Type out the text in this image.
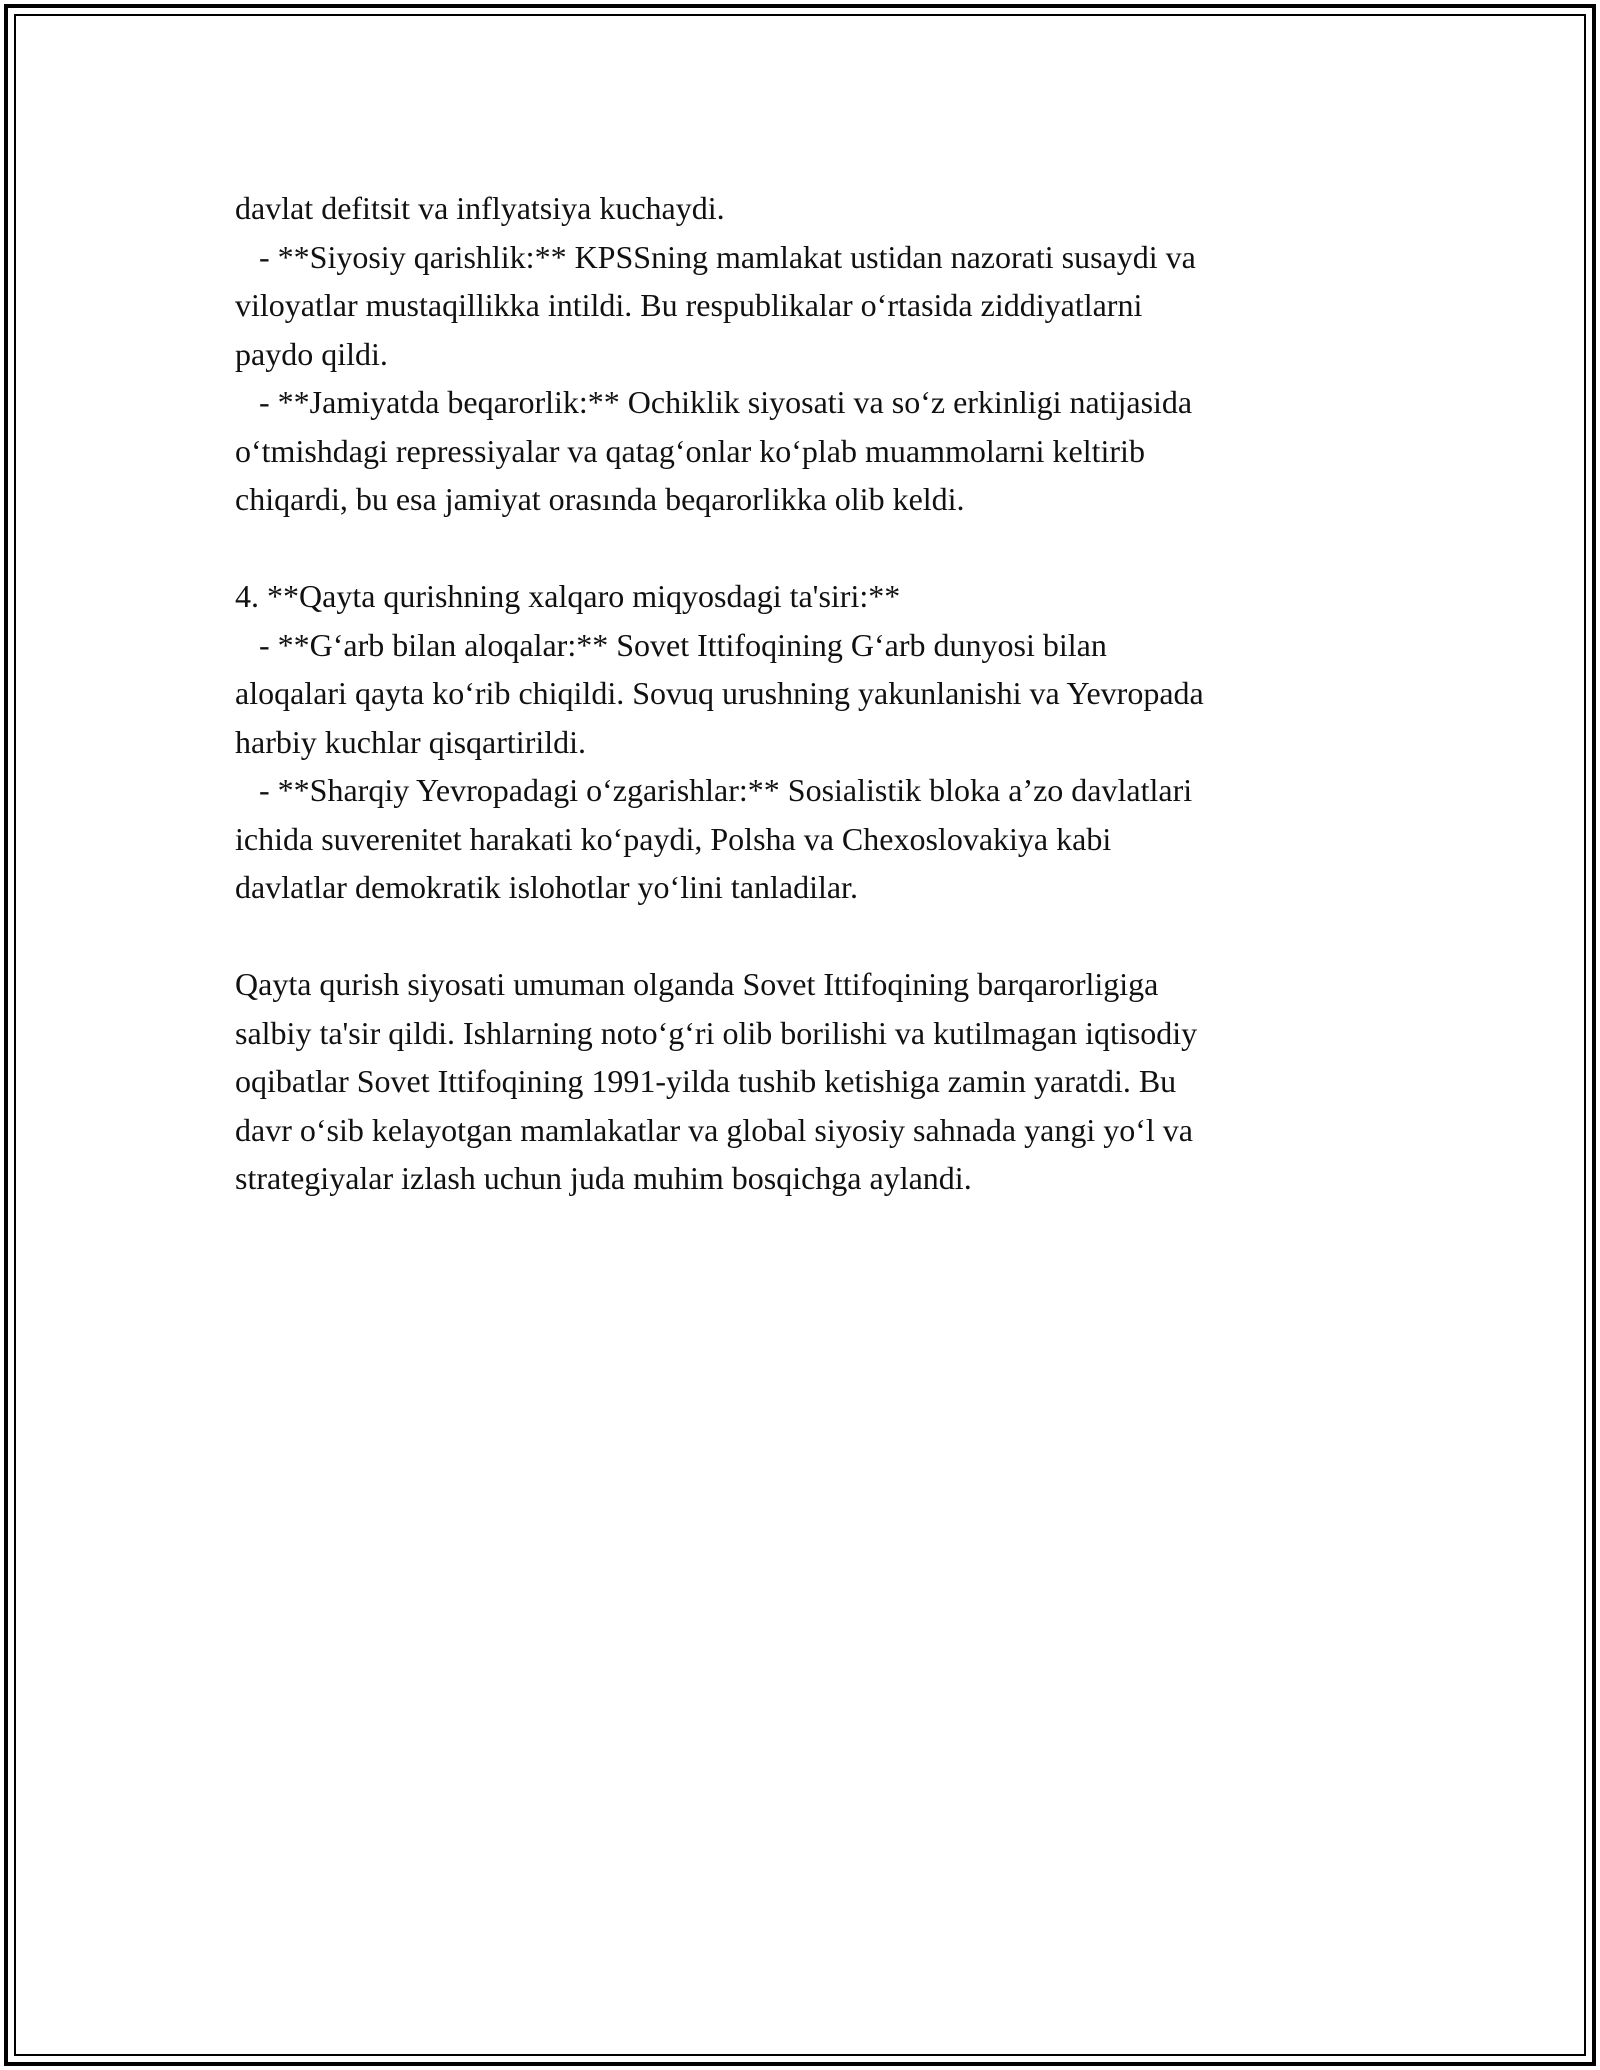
davlat defitsit va inflyatsiya kuchaydi.
- **Siyosiy qarishlik:** KPSSning mamlakat ustidan nazorati susaydi va
viloyatlar mustaqillikka intildi. Bu respublikalar o‘rtasida ziddiyatlarni
paydo qildi.
- **Jamiyatda beqarorlik:** Ochiklik siyosati va so‘z erkinligi natijasida
o‘tmishdagi repressiyalar va qatag‘onlar ko‘plab muammolarni keltirib
chiqardi, bu esa jamiyat orasında beqarorlikka olib keldi.
4. **Qayta qurishning xalqaro miqyosdagi ta'siri:**
- **G‘arb bilan aloqalar:** Sovet Ittifoqining G‘arb dunyosi bilan
aloqalari qayta ko‘rib chiqildi. Sovuq urushning yakunlanishi va Yevropada
harbiy kuchlar qisqartirildi.
- **Sharqiy Yevropadagi o‘zgarishlar:** Sosialistik bloka a’zo davlatlari
ichida suverenitet harakati ko‘paydi, Polsha va Chexoslovakiya kabi
davlatlar demokratik islohotlar yo‘lini tanladilar.
Qayta qurish siyosati umuman olganda Sovet Ittifoqining barqarorligiga
salbiy ta'sir qildi. Ishlarning noto‘g‘ri olib borilishi va kutilmagan iqtisodiy
oqibatlar Sovet Ittifoqining 1991-yilda tushib ketishiga zamin yaratdi. Bu
davr o‘sib kelayotgan mamlakatlar va global siyosiy sahnada yangi yo‘l va
strategiyalar izlash uchun juda muhim bosqichga aylandi.
